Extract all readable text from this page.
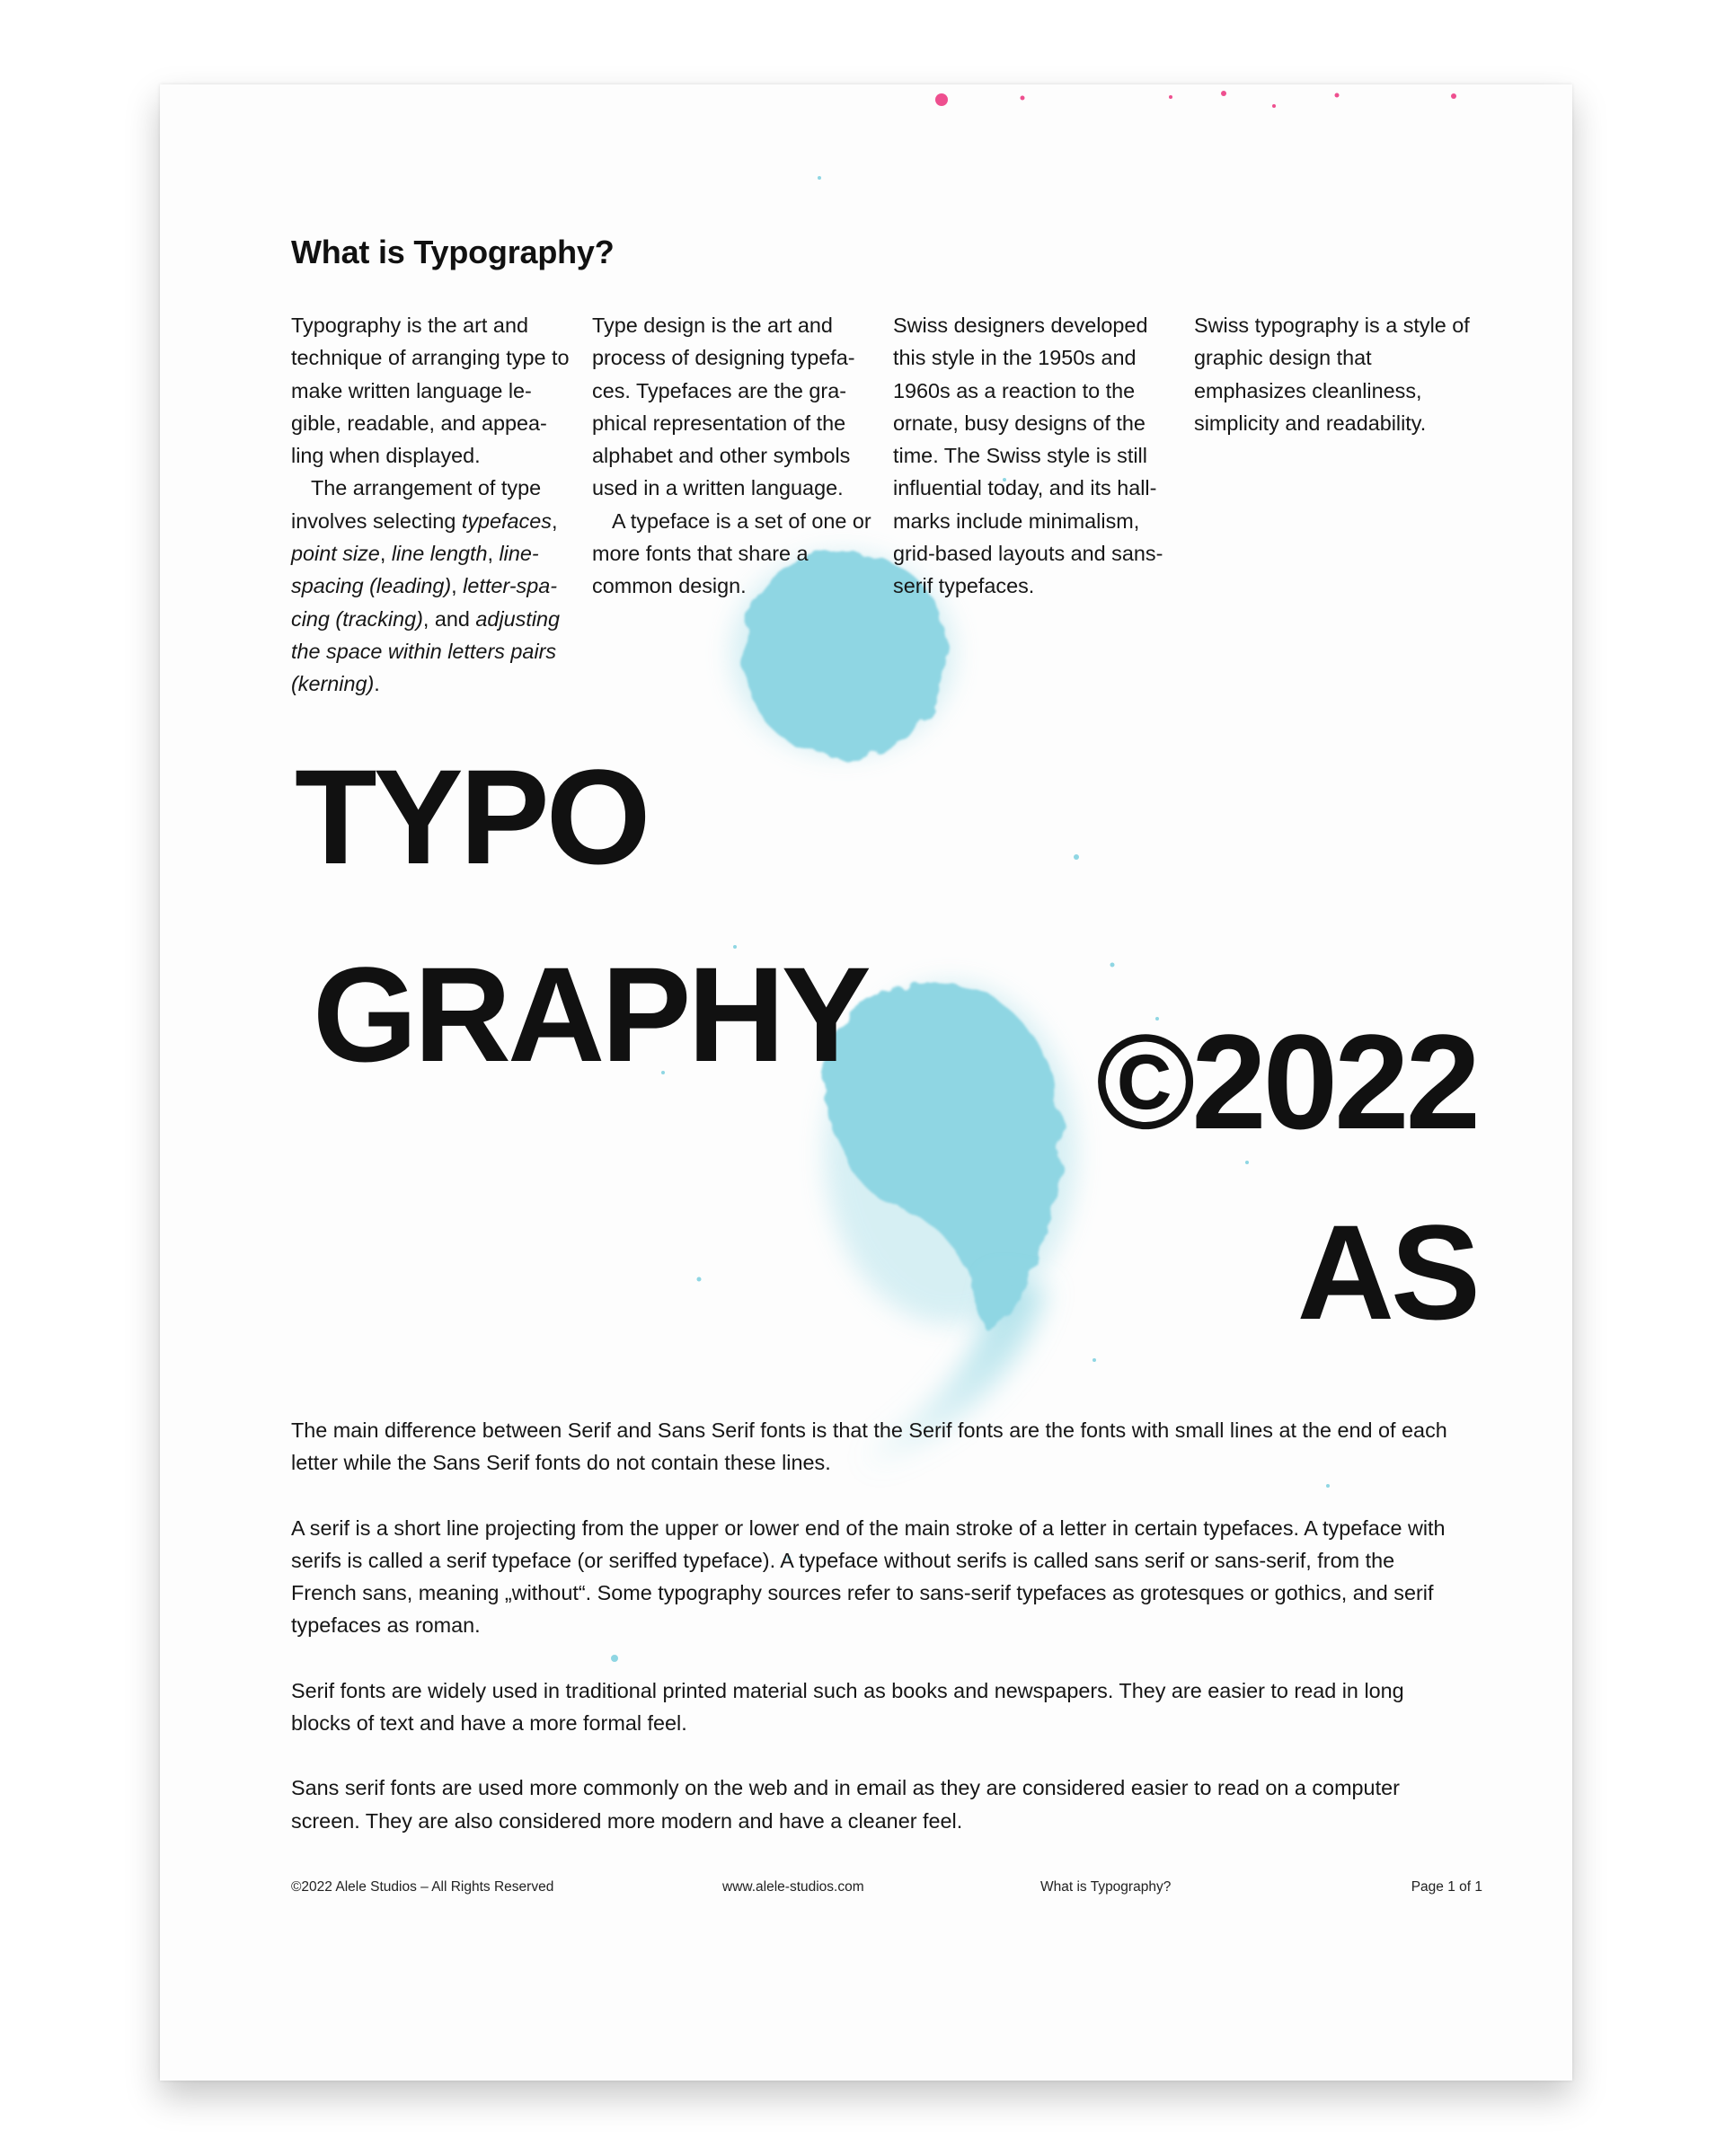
What is Typography?

Typography is the art and technique of arranging type to make written language le-gible, readable, and appea-ling when displayed.

The arrangement of type involves selecting typefaces, point size, line length, line-spacing (leading), letter-spa-cing (tracking), and adjusting the space within letters pairs (kerning).

Type design is the art and process of designing typefa-ces. Typefaces are the gra-phical representation of the alphabet and other symbols used in a written language.

A typeface is a set of one or more fonts that share a common design.

Swiss designers developed this style in the 1950s and 1960s as a reaction to the ornate, busy designs of the time. The Swiss style is still influential today, and its hall-marks include minimalism, grid-based layouts and sans-serif typefaces.

Swiss typography is a style of graphic design that emphasizes cleanliness, simplicity and readability.

TYPO
GRAPHY ©2022
AS

The main difference between Serif and Sans Serif fonts is that the Serif fonts are the fonts with small lines at the end of each letter while the Sans Serif fonts do not contain these lines.

A serif is a short line projecting from the upper or lower end of the main stroke of a letter in certain typefaces. A typeface with serifs is called a serif typeface (or seriffed typeface). A typeface without serifs is called sans serif or sans-serif, from the French sans, meaning „without“. Some typography sources refer to sans-serif typefaces as grotesques or gothics, and serif typefaces as roman.

Serif fonts are widely used in traditional printed material such as books and newspapers. They are easier to read in long blocks of text and have a more formal feel.

Sans serif fonts are used more commonly on the web and in email as they are considered easier to read on a computer screen. They are also considered more modern and have a cleaner feel.

©2022 Alele Studios – All Rights Reserved	www.alele-studios.com	What is Typography?	Page 1 of 1
